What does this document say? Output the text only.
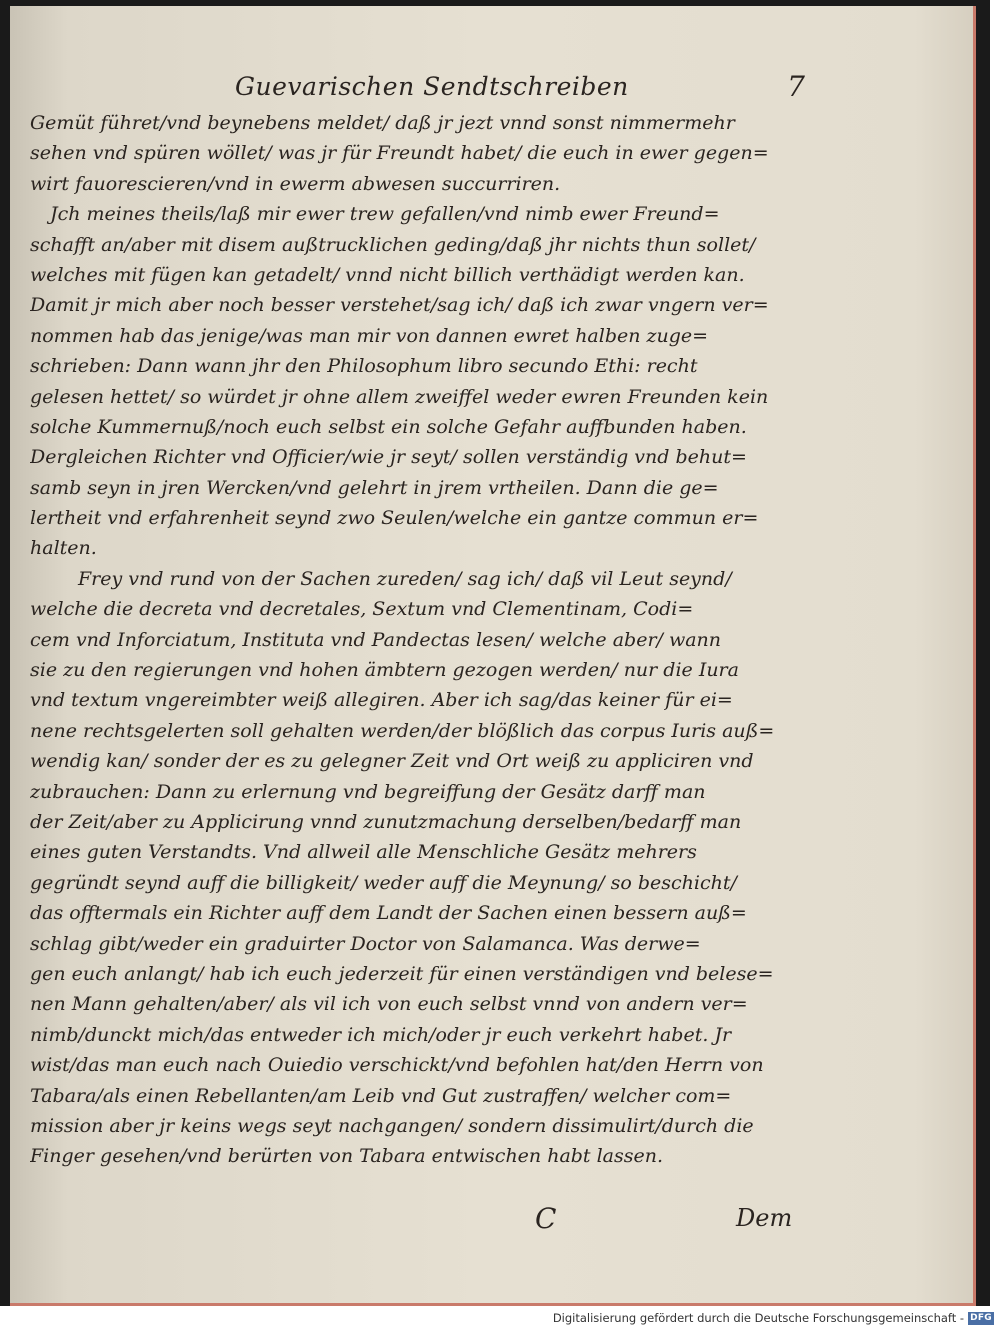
Guevarischen Sendtschreiben	7
Gemüt führet/vnd beynebens meldet/ daß jr jezt vnnd sonst nimmermehr
sehen vnd spüren wöllet/ was jr für Freundt habet/ die euch in ewer gegen=
wirt fauorescieren/vnd in ewerm abwesen succurriren.
Jch meines theils/laß mir ewer trew gefallen/vnd nimb ewer Freund=
schafft an/aber mit disem außtrucklichen geding/daß jhr nichts thun sollet/
welches mit fügen kan getadelt/ vnnd nicht billich verthädigt werden kan.
Damit jr mich aber noch besser verstehet/sag ich/ daß ich zwar vngern ver=
nommen hab das jenige/was man mir von dannen ewret halben zuge=
schrieben: Dann wann jhr den Philosophum libro secundo Ethi: recht
gelesen hettet/ so würdet jr ohne allem zweiffel weder ewren Freunden kein
solche Kummernuß/noch euch selbst ein solche Gefahr auffbunden haben.
Dergleichen Richter vnd Officier/wie jr seyt/ sollen verständig vnd behut=
samb seyn in jren Wercken/vnd gelehrt in jrem vrtheilen. Dann die ge=
lertheit vnd erfahrenheit seynd zwo Seulen/welche ein gantze commun er=
halten.
Frey vnd rund von der Sachen zureden/ sag ich/ daß vil Leut seynd/
welche die decreta vnd decretales, Sextum vnd Clementinam, Codi=
cem vnd Inforciatum, Instituta vnd Pandectas lesen/ welche aber/ wann
sie zu den regierungen vnd hohen ämbtern gezogen werden/ nur die Iura
vnd textum vngereimbter weiß allegiren. Aber ich sag/das keiner für ei=
nene rechtsgelerten soll gehalten werden/der blößlich das corpus Iuris auß=
wendig kan/ sonder der es zu gelegner Zeit vnd Ort weiß zu appliciren vnd
zubrauchen: Dann zu erlernung vnd begreiffung der Gesätz darff man
der Zeit/aber zu Applicirung vnnd zunutzmachung derselben/bedarff man
eines guten Verstandts. Vnd allweil alle Menschliche Gesätz mehrers
gegründt seynd auff die billigkeit/ weder auff die Meynung/ so beschicht/
das offtermals ein Richter auff dem Landt der Sachen einen bessern auß=
schlag gibt/weder ein graduirter Doctor von Salamanca. Was derwe=
gen euch anlangt/ hab ich euch jederzeit für einen verständigen vnd belese=
nen Mann gehalten/aber/ als vil ich von euch selbst vnnd von andern ver=
nimb/dunckt mich/das entweder ich mich/oder jr euch verkehrt habet. Jr
wist/das man euch nach Ouiedio verschickt/vnd befohlen hat/den Herrn von
Tabara/als einen Rebellanten/am Leib vnd Gut zustraffen/ welcher com=
mission aber jr keins wegs seyt nachgangen/ sondern dissimulirt/durch die
Finger gesehen/vnd berürten von Tabara entwischen habt lassen.
C	Dem
Digitalisierung gefördert durch die Deutsche Forschungsgemeinschaft - DFG
